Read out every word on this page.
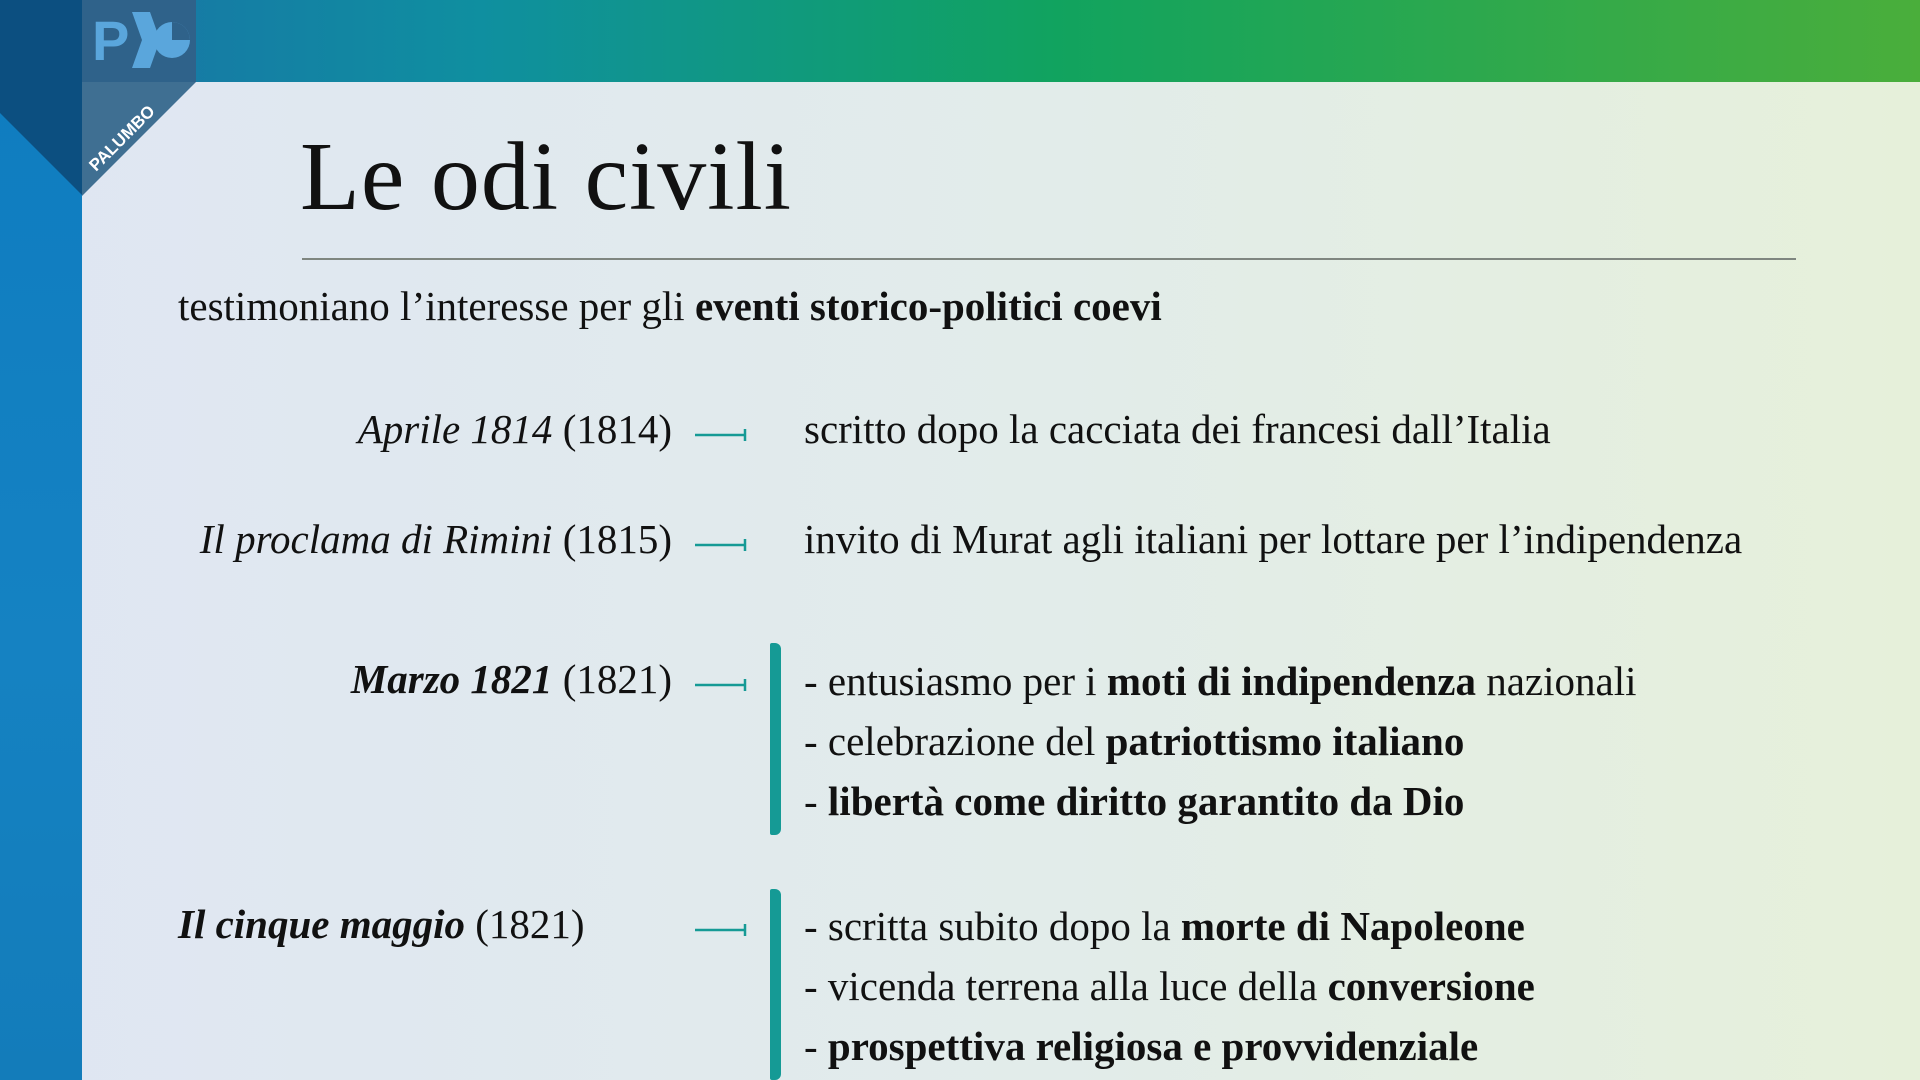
P
PALUMBO Le odi civili
testimoniano l’interesse per gli eventi storico-politici coevi
Aprile 1814 (1814)	scritto dopo la cacciata dei francesi dall’Italia
Il proclama di Rimini (1815)	invito di Murat agli italiani per lottare per l’indipendenza
Marzo 1821 (1821)	- entusiasmo per i moti di indipendenza nazionali
- celebrazione del patriottismo italiano
- libertà come diritto garantito da Dio
Il cinque maggio (1821)	- scritta subito dopo la morte di Napoleone
- vicenda terrena alla luce della conversione
- prospettiva religiosa e provvidenziale
